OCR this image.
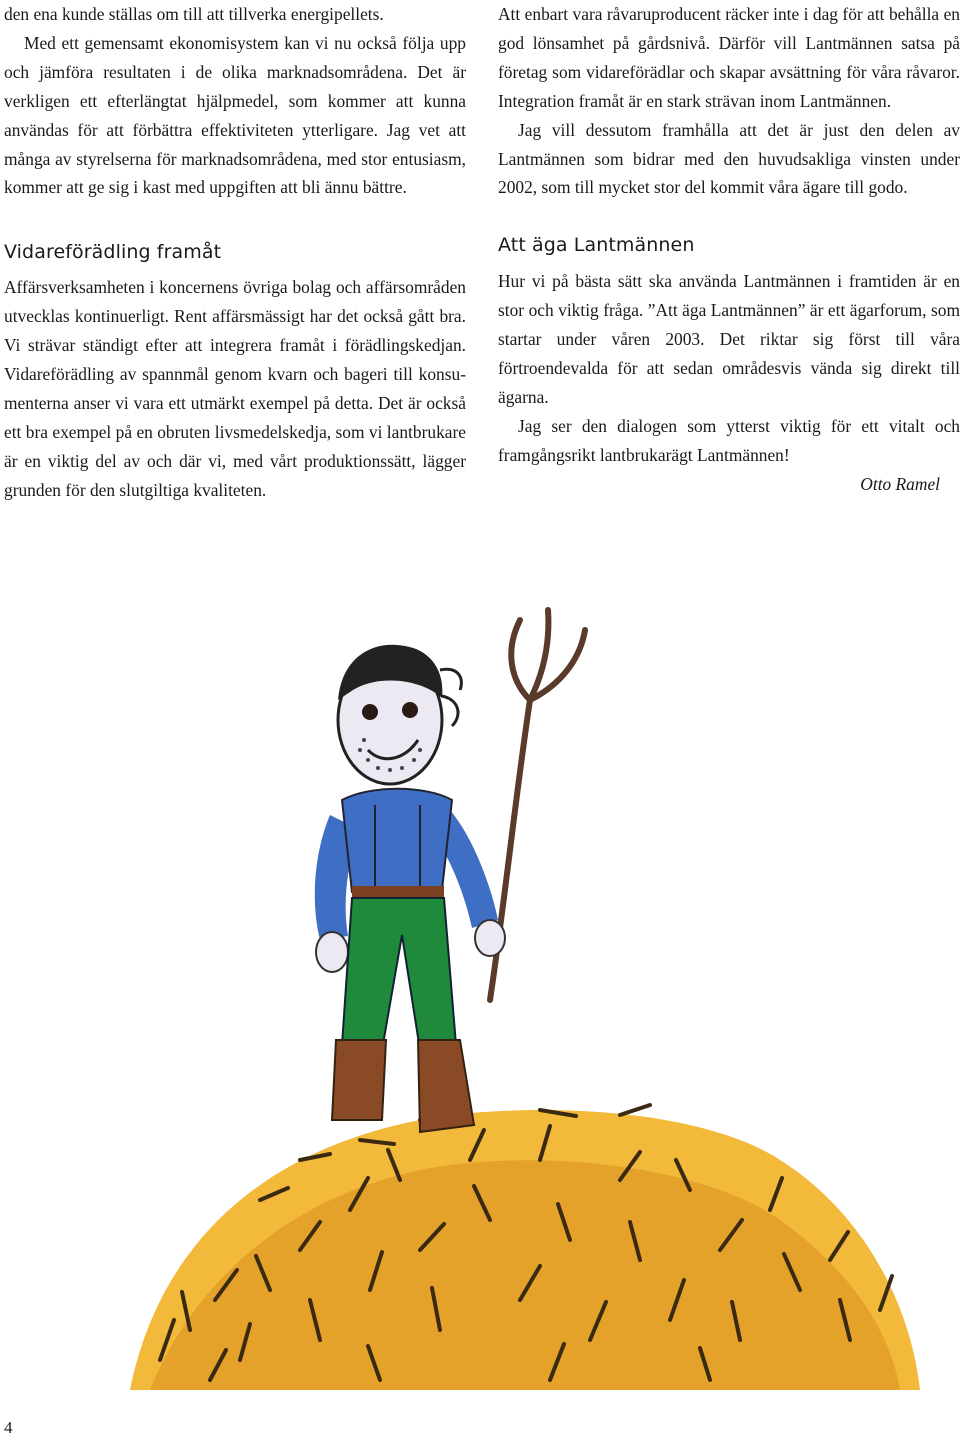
den ena kunde ställas om till att tillverka energipellets.

Med ett gemensamt ekonomisystem kan vi nu också följa upp och jämföra resultaten i de olika marknadsområdena. Det är verkligen ett efterlängtat hjälpmedel, som kommer att kunna användas för att förbättra effektiviteten ytterligare. Jag vet att många av styrelserna för marknadsområdena, med stor entusiasm, kommer att ge sig i kast med uppgiften att bli ännu bättre.

Vidareförädling framåt

Affärsverksamheten i koncernens övriga bolag och affärsområden utvecklas kontinuerligt. Rent affärsmässigt har det också gått bra. Vi strävar ständigt efter att integrera framåt i förädlingskedjan. Vidareförädling av spannmål genom kvarn och bageri till konsumenterna anser vi vara ett utmärkt exempel på detta. Det är också ett bra exempel på en obruten livsmedelskedja, som vi lantbrukare är en viktig del av och där vi, med vårt produktionssätt, lägger grunden för den slutgiltiga kvaliteten.

Att enbart vara råvaruproducent räcker inte i dag för att behålla en god lönsamhet på gårdsnivå. Därför vill Lantmännen satsa på företag som vidareförädlar och skapar avsättning för våra råvaror. Integration framåt är en stark strävan inom Lantmännen.

Jag vill dessutom framhålla att det är just den delen av Lantmännen som bidrar med den huvudsakliga vinsten under 2002, som till mycket stor del kommit våra ägare till godo.

Att äga Lantmännen

Hur vi på bästa sätt ska använda Lantmännen i framtiden är en stor och viktig fråga. ”Att äga Lantmännen” är ett ägarforum, som startar under våren 2003. Det riktar sig först till våra förtroendevalda för att sedan områdesvis vända sig direkt till ägarna.

Jag ser den dialogen som ytterst viktig för ett vitalt och framgångsrikt lantbrukarägt Lantmännen!

Otto Ramel
4
